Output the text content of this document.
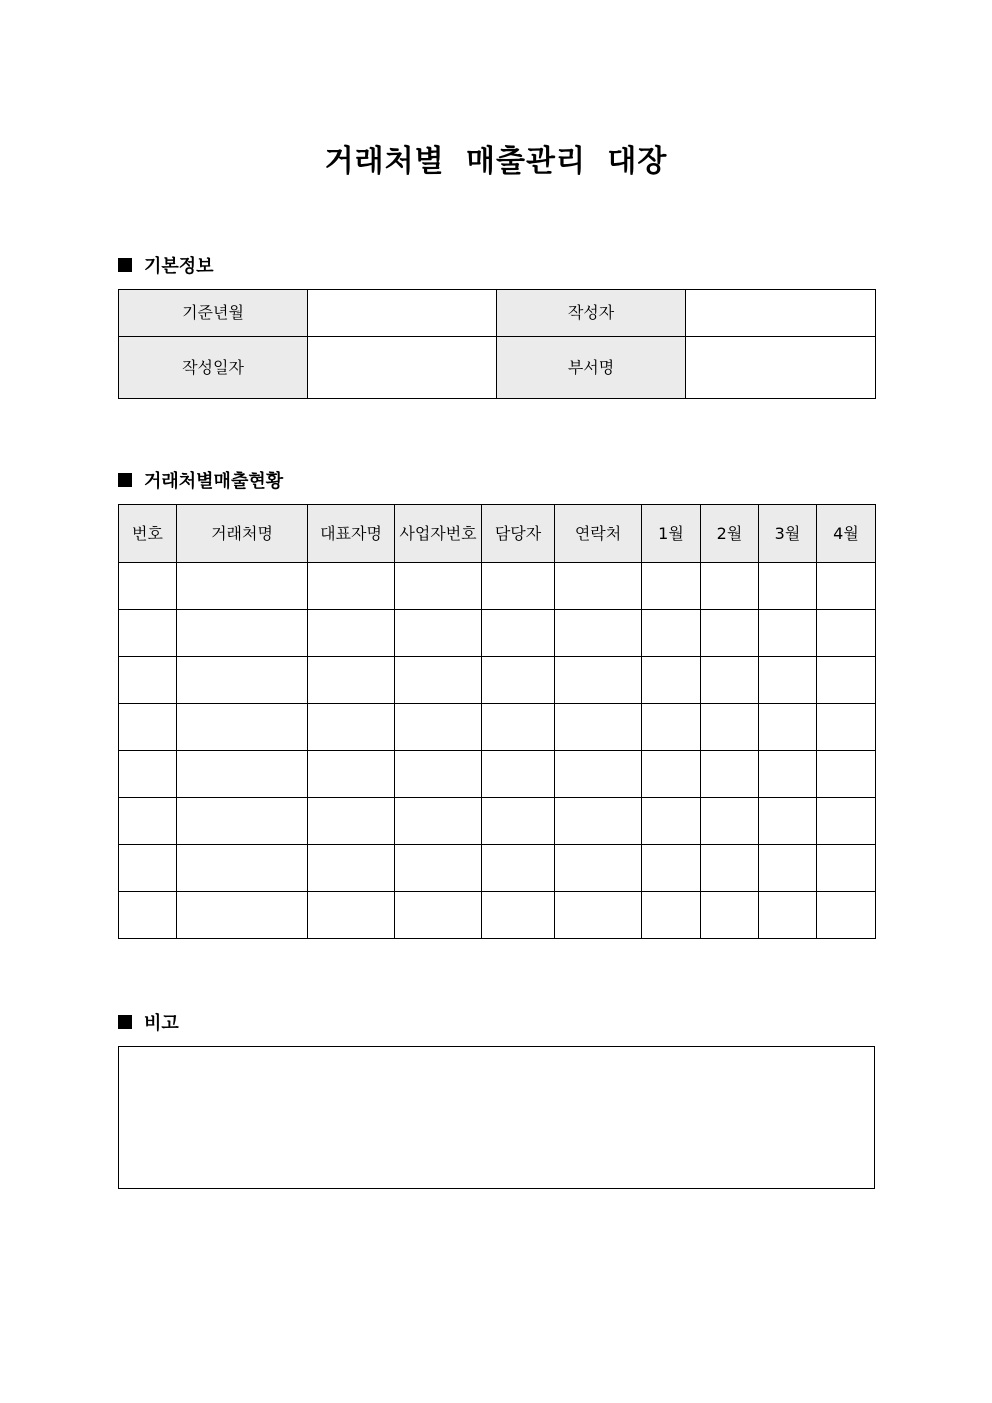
거래처별 매출관리 대장
기본정보
기준년월		작성자	
작성일자		부서명	
거래처별매출현황
번호	거래처명	대표자명	사업자번호	담당자	연락처	1월	2월	3월	4월

비고
